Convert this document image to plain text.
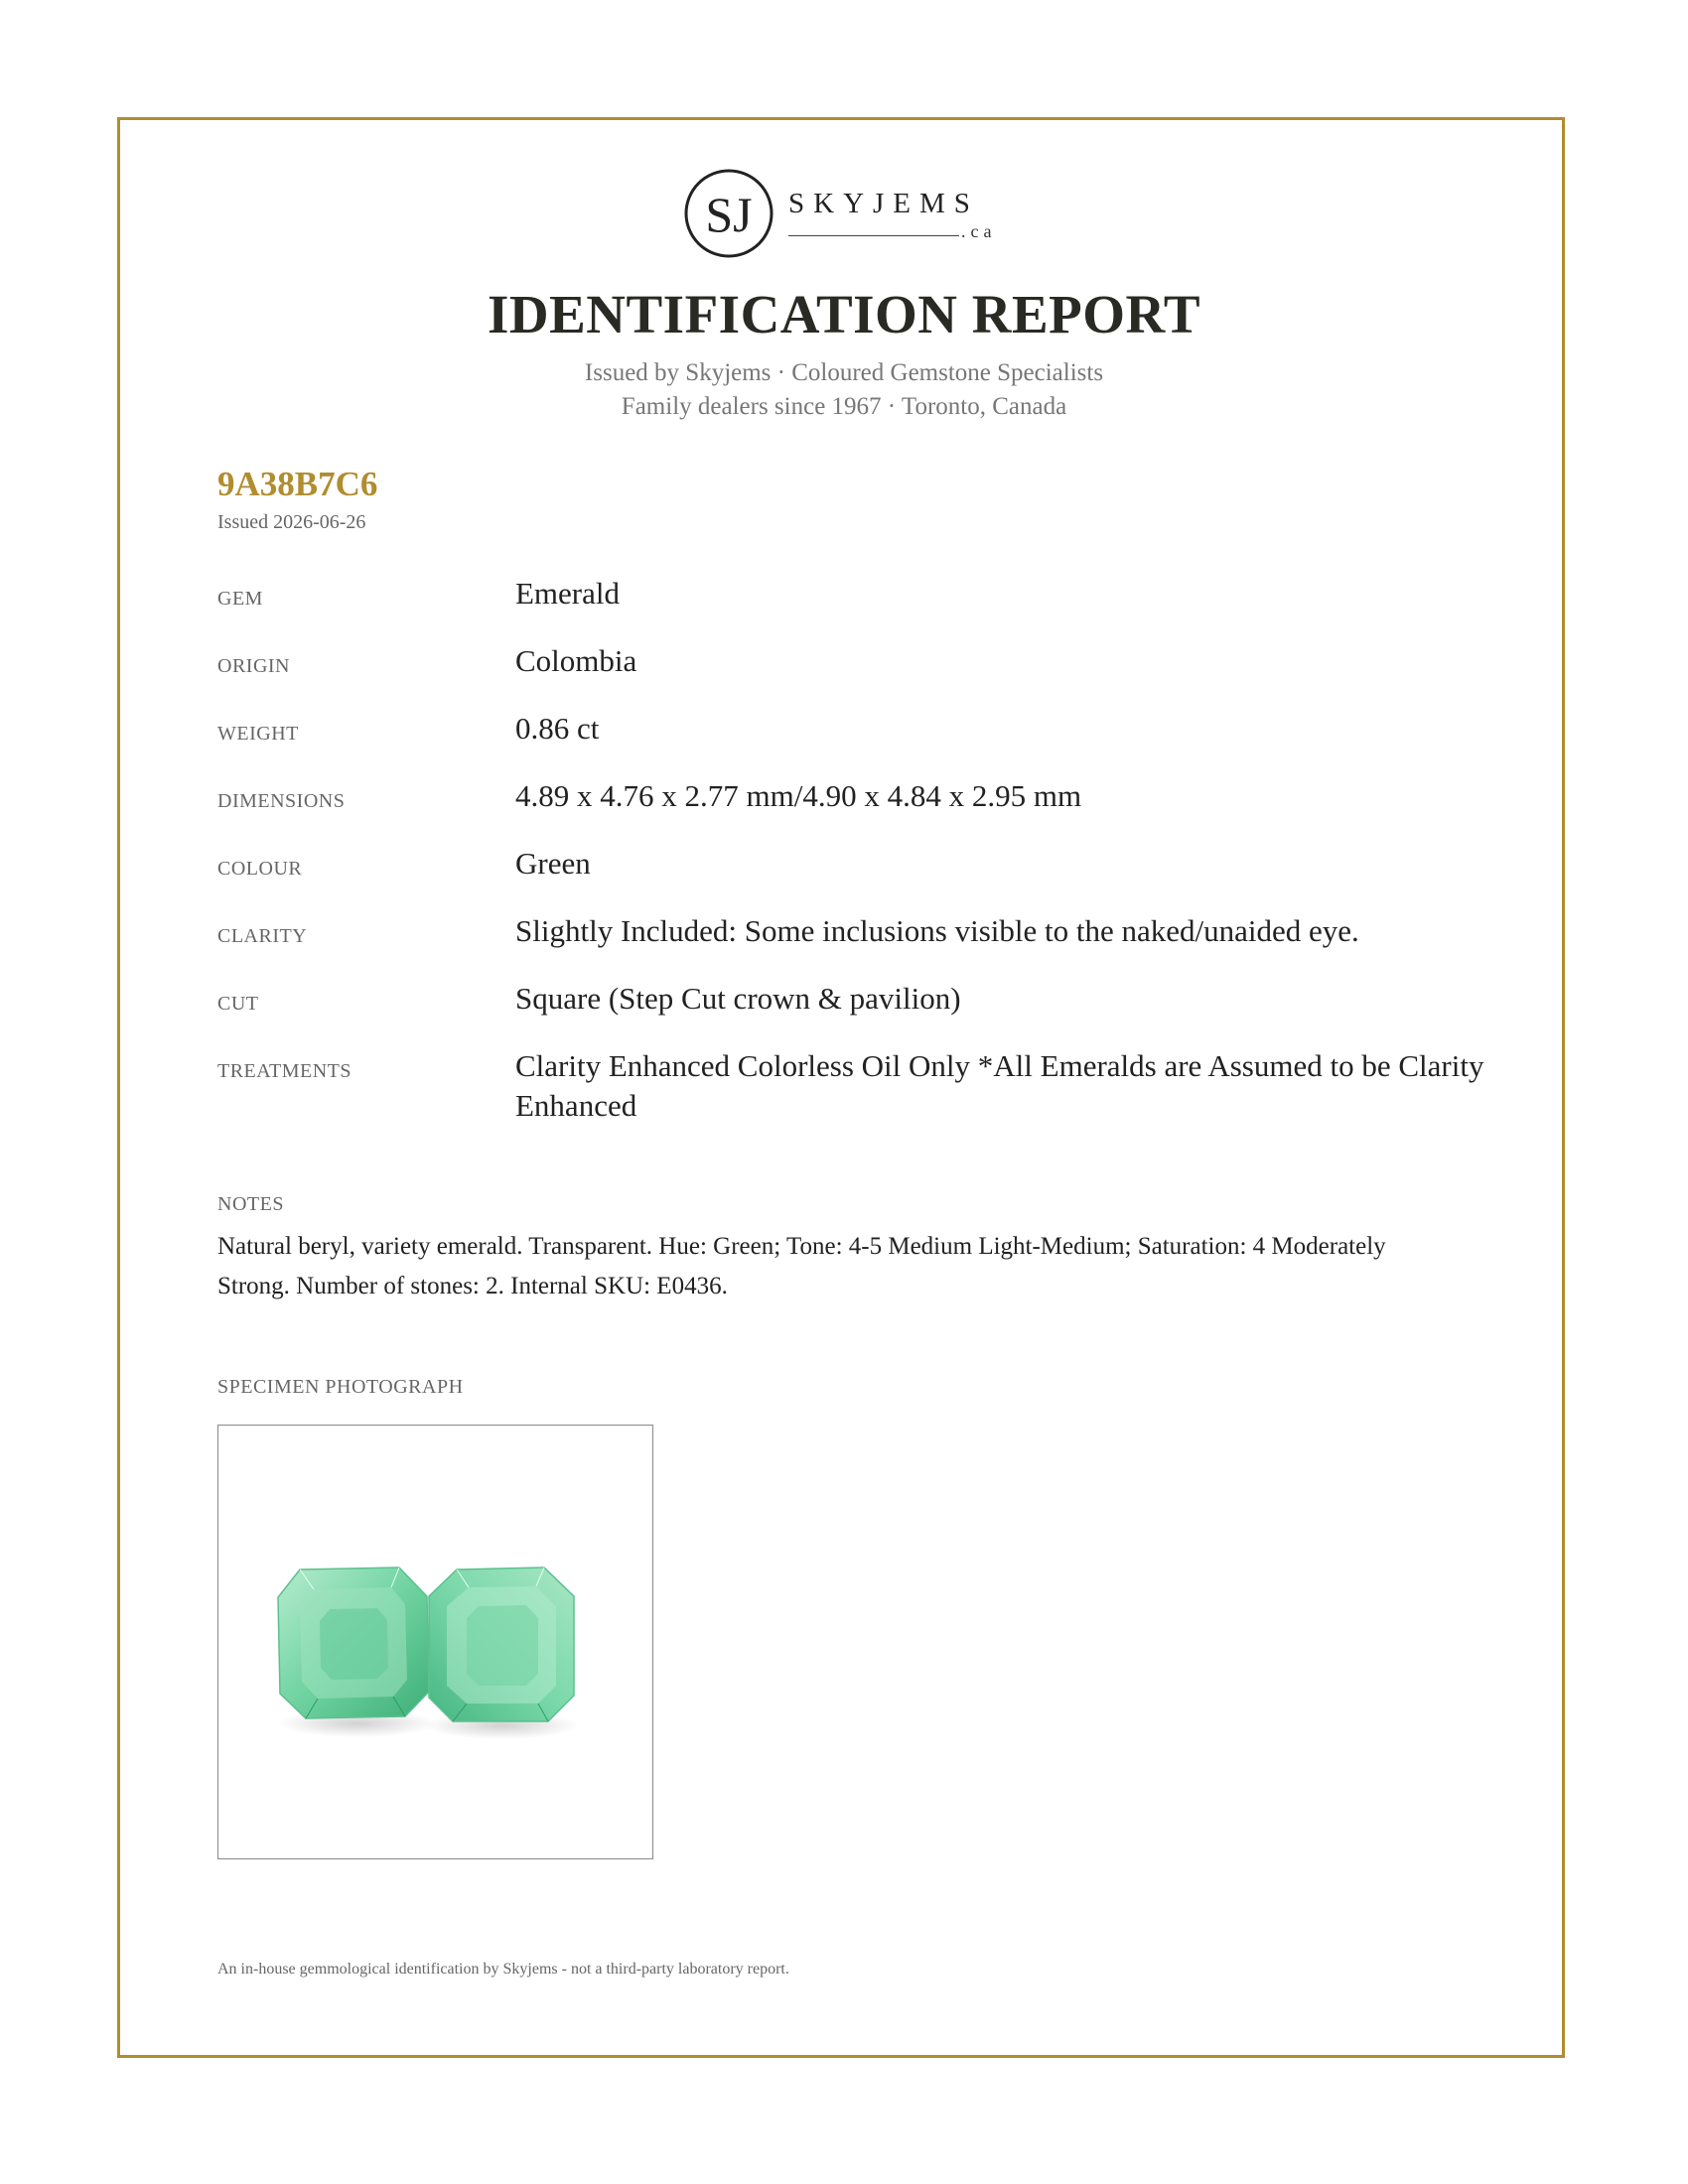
SJ SKYJEMS
.ca
IDENTIFICATION REPORT
Issued by Skyjems · Coloured Gemstone Specialists
Family dealers since 1967 · Toronto, Canada
9A38B7C6
Issued 2026-06-26
GEM	Emerald
ORIGIN	Colombia
WEIGHT	0.86 ct
DIMENSIONS	4.89 x 4.76 x 2.77 mm/4.90 x 4.84 x 2.95 mm
COLOUR	Green
CLARITY	Slightly Included: Some inclusions visible to the naked/unaided eye.
CUT	Square (Step Cut crown & pavilion)
TREATMENTS	Clarity Enhanced Colorless Oil Only *All Emeralds are Assumed to be Clarity Enhanced
NOTES
Natural beryl, variety emerald. Transparent. Hue: Green; Tone: 4-5 Medium Light-Medium; Saturation: 4 Moderately Strong. Number of stones: 2. Internal SKU: E0436.
SPECIMEN PHOTOGRAPH
An in-house gemmological identification by Skyjems - not a third-party laboratory report.
